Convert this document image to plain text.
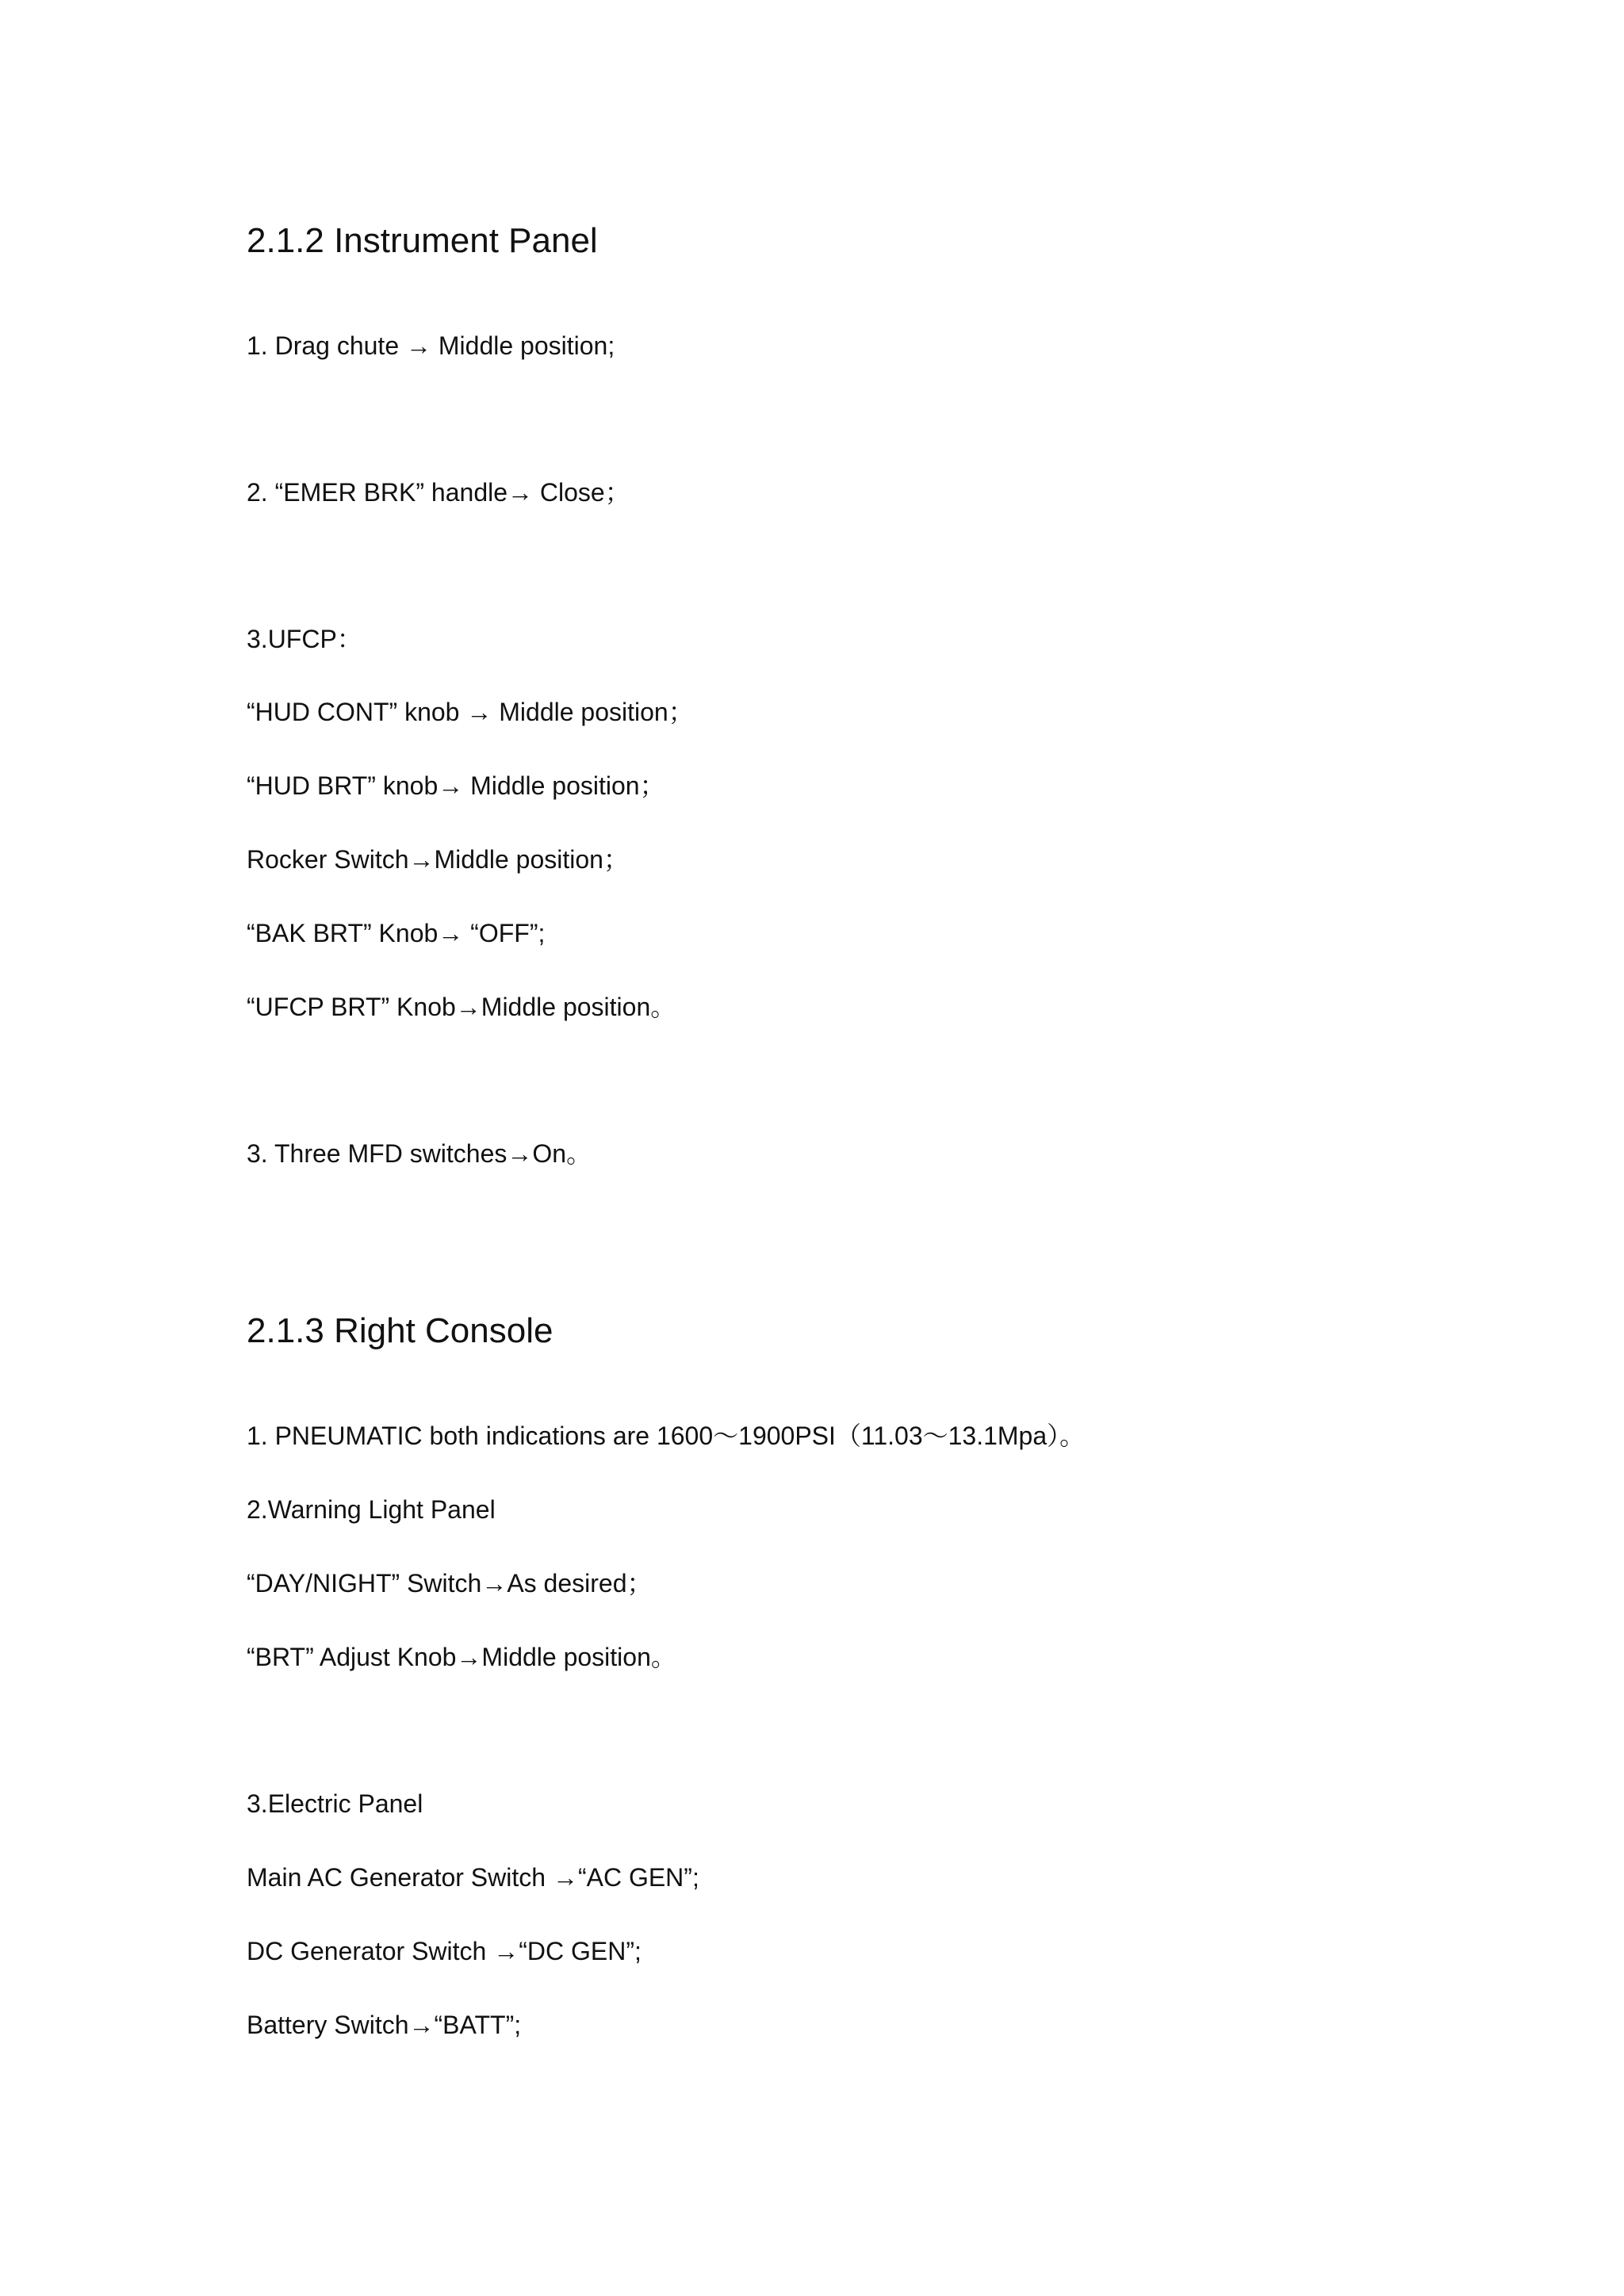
2.1.2 Instrument Panel
1. Drag chute → Middle position;
2. “EMER BRK” handle→ Close；
3.UFCP：
“HUD CONT” knob → Middle position；
“HUD BRT” knob→ Middle position；
Rocker Switch→Middle position；
“BAK BRT” Knob→ “OFF”;
“UFCP BRT” Knob→Middle position。
3. Three MFD switches→On。
2.1.3 Right Console
1. PNEUMATIC both indications are 1600～1900PSI（11.03～13.1Mpa）。
2.Warning Light Panel
“DAY/NIGHT” Switch→As desired；
“BRT” Adjust Knob→Middle position。
3.Electric Panel
Main AC Generator Switch →“AC GEN”;
DC Generator Switch →“DC GEN”;
Battery Switch→“BATT”;
